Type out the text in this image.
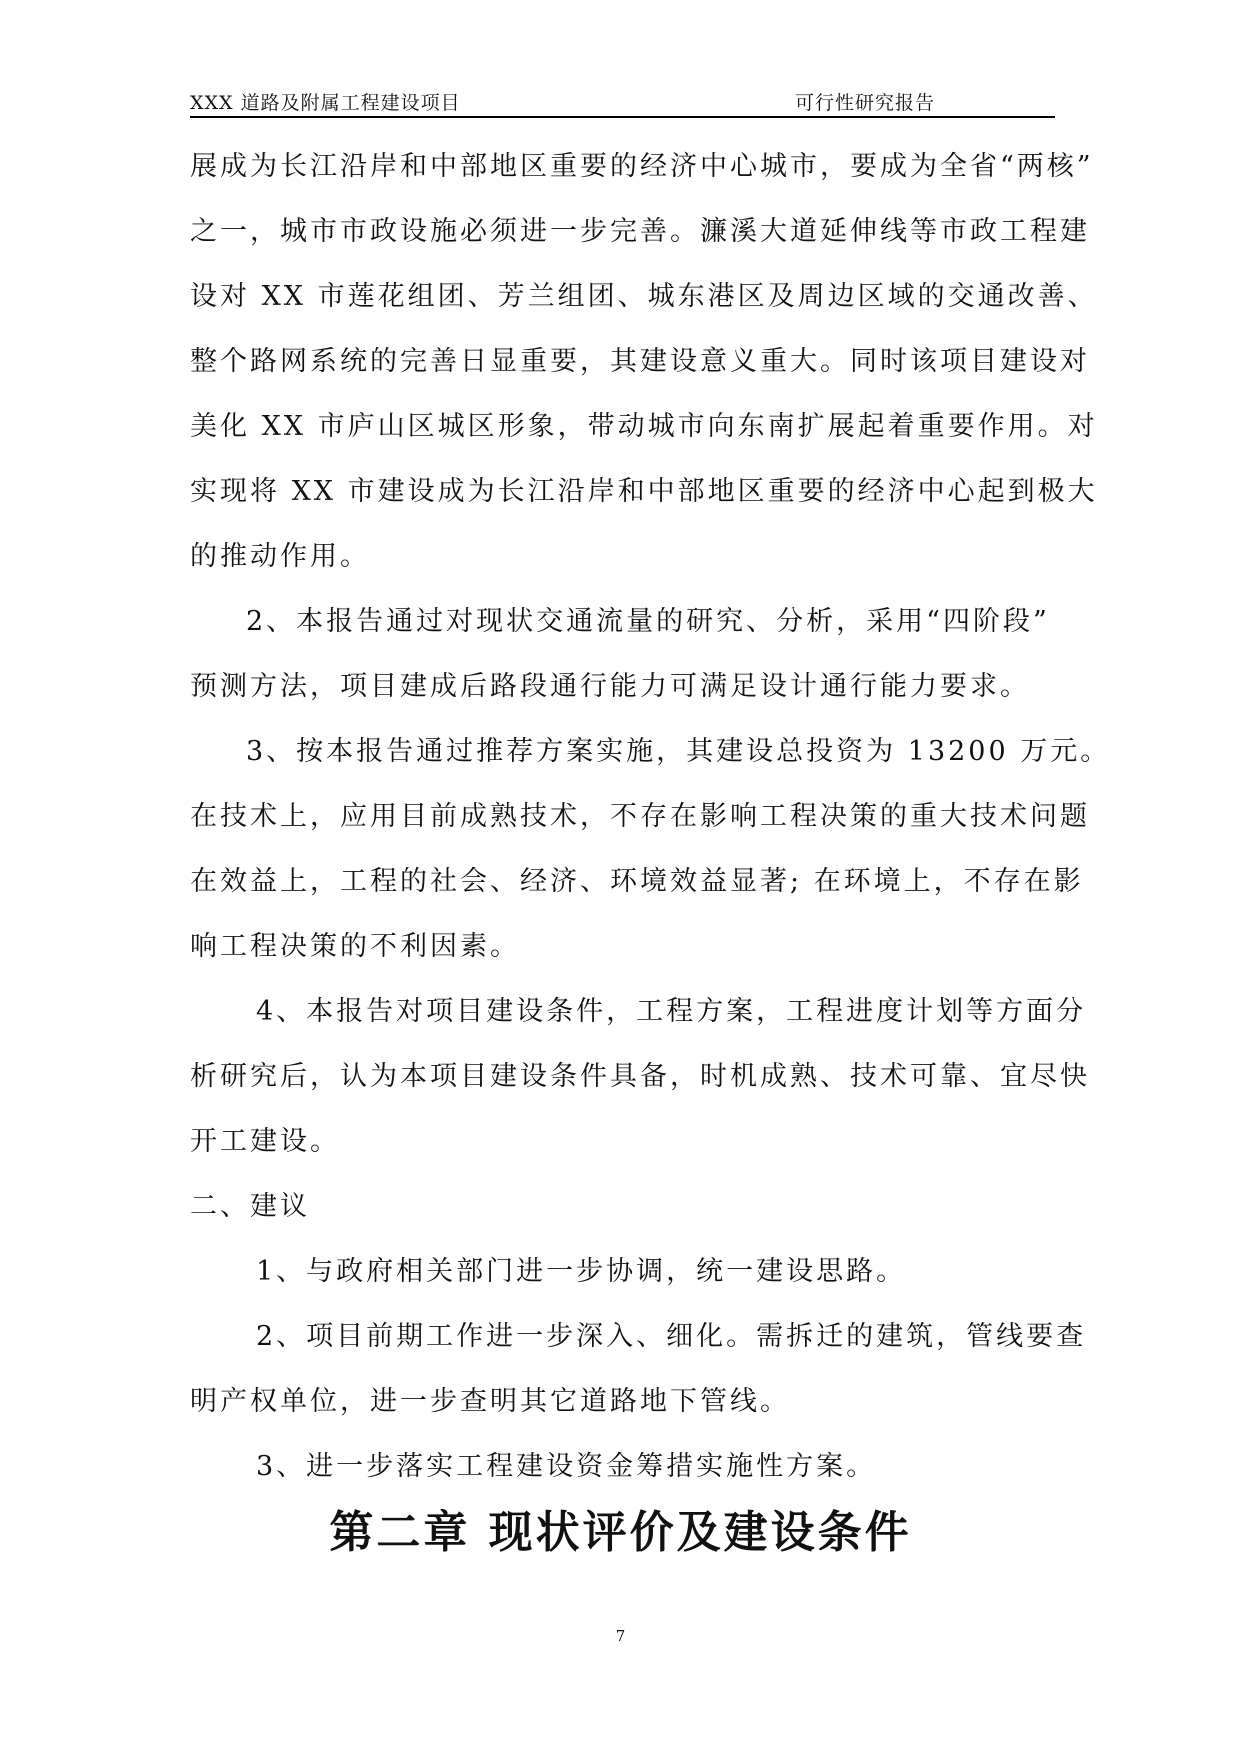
XXX 道路及附属工程建设项目	可行性研究报告
展成为长江沿岸和中部地区重要的经济中心城市，要成为全省“两核”
之一，城市市政设施必须进一步完善。濂溪大道延伸线等市政工程建
设对 XX 市莲花组团、芳兰组团、城东港区及周边区域的交通改善、
整个路网系统的完善日显重要，其建设意义重大。同时该项目建设对
美化 XX 市庐山区城区形象，带动城市向东南扩展起着重要作用。对
实现将 XX 市建设成为长江沿岸和中部地区重要的经济中心起到极大
的推动作用。
2、本报告通过对现状交通流量的研究、分析，采用“四阶段”
预测方法，项目建成后路段通行能力可满足设计通行能力要求。
3、按本报告通过推荐方案实施，其建设总投资为 13200 万元。
在技术上，应用目前成熟技术，不存在影响工程决策的重大技术问题
在效益上，工程的社会、经济、环境效益显著; 在环境上，不存在影
响工程决策的不利因素。
4、本报告对项目建设条件，工程方案，工程进度计划等方面分
析研究后，认为本项目建设条件具备，时机成熟、技术可靠、宜尽快
开工建设。
二、建议
1、与政府相关部门进一步协调，统一建设思路。
2、项目前期工作进一步深入、细化。需拆迁的建筑，管线要查
明产权单位，进一步查明其它道路地下管线。
3、进一步落实工程建设资金筹措实施性方案。
第二章 现状评价及建设条件
7
